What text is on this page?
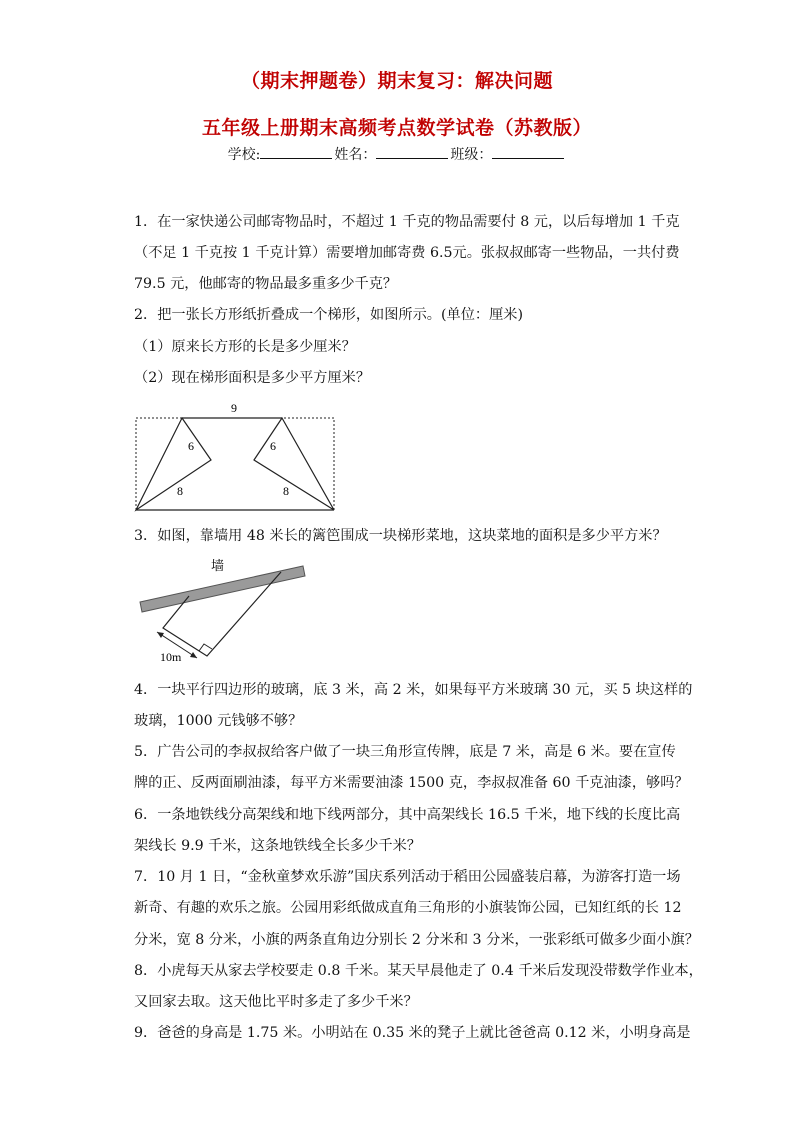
（期末押题卷）期末复习：解决问题
五年级上册期末高频考点数学试卷（苏教版）
学校:	姓名：	班级：
1．在一家快递公司邮寄物品时，不超过 1 千克的物品需要付 8 元，以后每增加 1 千克
（不足 1 千克按 1 千克计算）需要增加邮寄费 6.5元。张叔叔邮寄一些物品，一共付费
79.5 元，他邮寄的物品最多重多少千克？
2．把一张长方形纸折叠成一个梯形，如图所示。(单位：厘米)
（1）原来长方形的长是多少厘米？
（2）现在梯形面积是多少平方厘米？
9
6
8
6
8
3．如图，靠墙用 48 米长的篱笆围成一块梯形菜地，这块菜地的面积是多少平方米？
墙
10m
4．一块平行四边形的玻璃，底 3 米，高 2 米，如果每平方米玻璃 30 元，买 5 块这样的
玻璃，1000 元钱够不够？
5．广告公司的李叔叔给客户做了一块三角形宣传牌，底是 7 米，高是 6 米。要在宣传
牌的正、反两面刷油漆，每平方米需要油漆 1500 克，李叔叔准备 60 千克油漆，够吗？
6．一条地铁线分高架线和地下线两部分，其中高架线长 16.5 千米，地下线的长度比高
架线长 9.9 千米，这条地铁线全长多少千米？
7．10 月 1 日，“金秋童梦欢乐游”国庆系列活动于稻田公园盛装启幕，为游客打造一场
新奇、有趣的欢乐之旅。公园用彩纸做成直角三角形的小旗装饰公园，已知红纸的长 12
分米，宽 8 分米，小旗的两条直角边分别长 2 分米和 3 分米，一张彩纸可做多少面小旗？
8．小虎每天从家去学校要走 0.8 千米。某天早晨他走了 0.4 千米后发现没带数学作业本，
又回家去取。这天他比平时多走了多少千米？
9．爸爸的身高是 1.75 米。小明站在 0.35 米的凳子上就比爸爸高 0.12 米，小明身高是
